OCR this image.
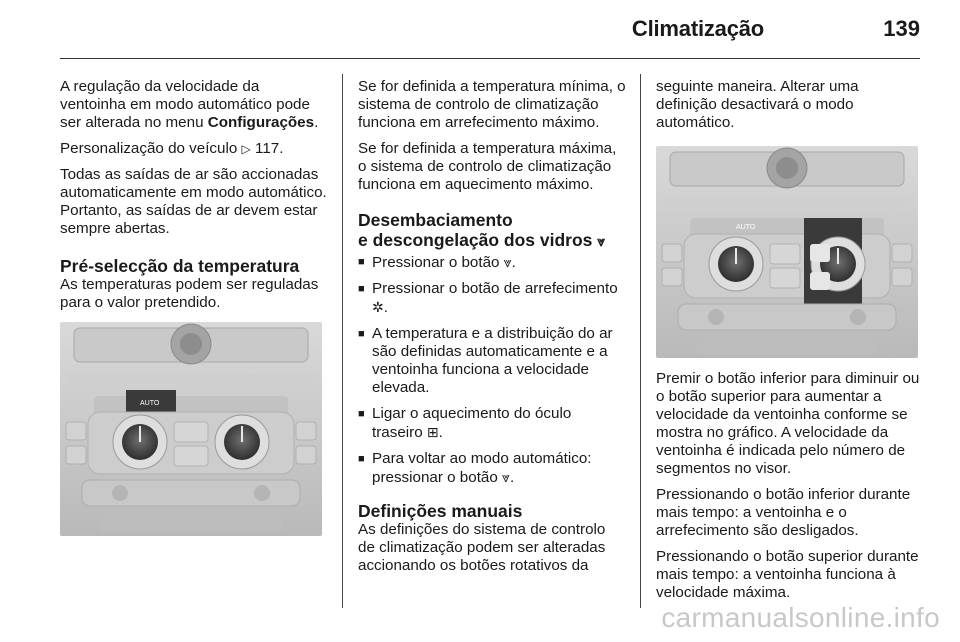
Climatização	139

A regulação da velocidade da ventoinha em modo automático pode ser alterada no menu Configurações.

Personalização do veículo ▷ 117.

Todas as saídas de ar são accionadas automaticamente em modo automático. Portanto, as saídas de ar devem estar sempre abertas.

Pré-selecção da temperatura

As temperaturas podem ser reguladas para o valor pretendido.

AUTO

Se for definida a temperatura mínima, o sistema de controlo de climatização funciona em arrefecimento máximo.

Se for definida a temperatura máxima, o sistema de controlo de climatização funciona em aquecimento máximo.

Desembaciamento
e descongelação dos vidros ⩔
■ Pressionar o botão ⩔.
■ Pressionar o botão de arrefecimento ✲.
■ A temperatura e a distribuição do ar são definidas automaticamente e a ventoinha funciona a velocidade elevada.
■ Ligar o aquecimento do óculo traseiro ⊞.
■ Para voltar ao modo automático: pressionar o botão ⩔.
Definições manuais

As definições do sistema de controlo de climatização podem ser alteradas accionando os botões rotativos da

seguinte maneira. Alterar uma definição desactivará o modo automático.

AUTO

Premir o botão inferior para diminuir ou o botão superior para aumentar a velocidade da ventoinha conforme se mostra no gráfico. A velocidade da ventoinha é indicada pelo número de segmentos no visor.

Pressionando o botão inferior durante mais tempo: a ventoinha e o arrefecimento são desligados.

Pressionando o botão superior durante mais tempo: a ventoinha funciona à velocidade máxima.

carmanualsonline.info
